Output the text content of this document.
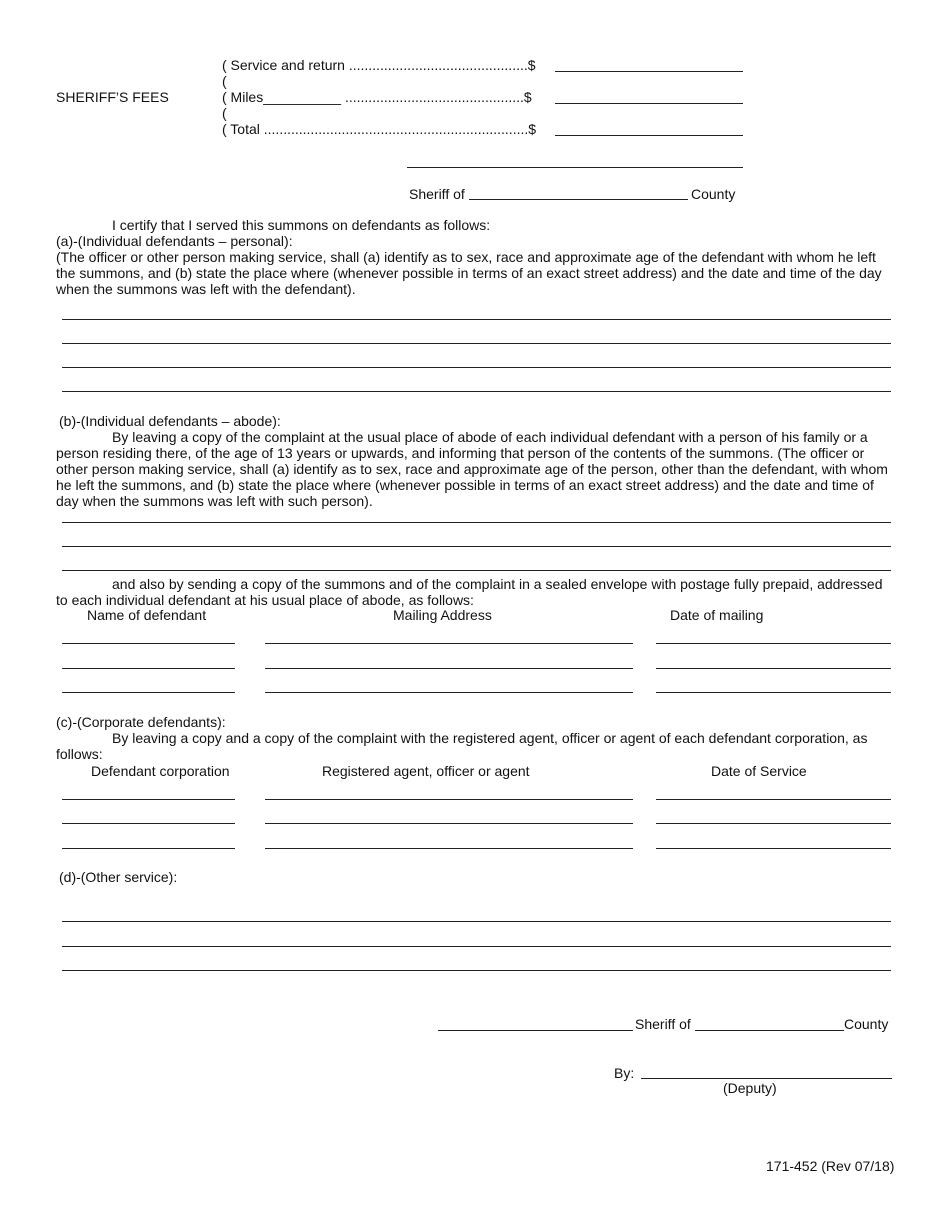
SHERIFF’S FEES
( Service and return ..............................................$
(
( Miles__________ ..............................................$
(
( Total ....................................................................$
Sheriff of	County
I certify that I served this summons on defendants as follows:
(a)-(Individual defendants – personal):
(The officer or other person making service, shall (a) identify as to sex, race and approximate age of the defendant with whom he left the summons, and (b) state the place where (whenever possible in terms of an exact street address) and the date and time of the day when the summons was left with the defendant).
(b)-(Individual defendants – abode):
By leaving a copy of the complaint at the usual place of abode of each individual defendant with a person of his family or a person residing there, of the age of 13 years or upwards, and informing that person of the contents of the summons. (The officer or other person making service, shall (a) identify as to sex, race and approximate age of the person, other than the defendant, with whom he left the summons, and (b) state the place where (whenever possible in terms of an exact street address) and the date and time of day when the summons was left with such person).
and also by sending a copy of the summons and of the complaint in a sealed envelope with postage fully prepaid, addressed to each individual defendant at his usual place of abode, as follows:
Name of defendant	Mailing Address	Date of mailing
(c)-(Corporate defendants):
By leaving a copy and a copy of the complaint with the registered agent, officer or agent of each defendant corporation, as follows:
Defendant corporation	Registered agent, officer or agent	Date of Service
(d)-(Other service):
Sheriff of	County
By:
(Deputy)
171-452 (Rev 07/18)
